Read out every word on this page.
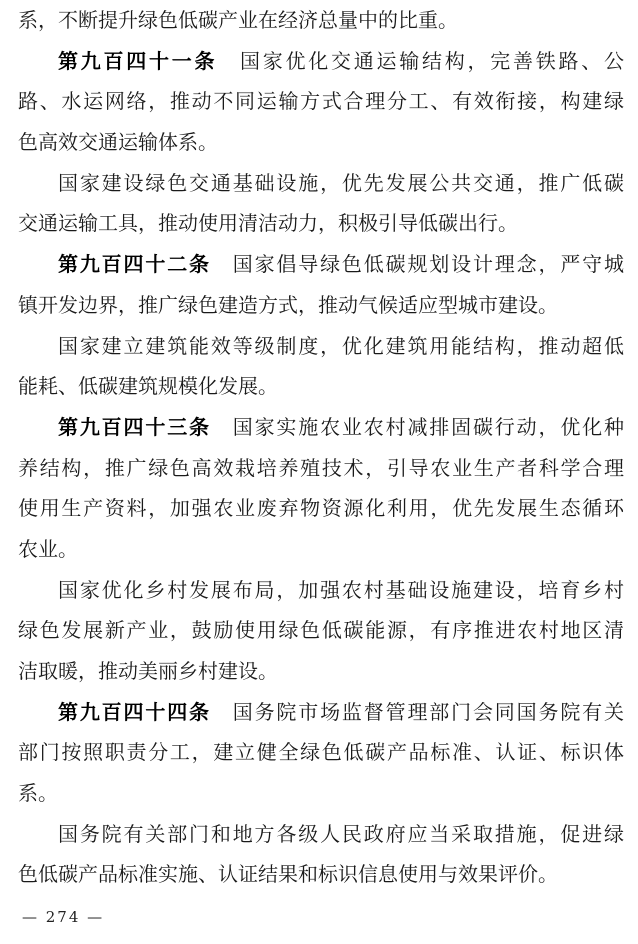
系，不断提升绿色低碳产业在经济总量中的比重。
第九百四十一条　国家优化交通运输结构，完善铁路、公
路、水运网络，推动不同运输方式合理分工、有效衔接，构建绿
色高效交通运输体系。
国家建设绿色交通基础设施，优先发展公共交通，推广低碳
交通运输工具，推动使用清洁动力，积极引导低碳出行。
第九百四十二条　国家倡导绿色低碳规划设计理念，严守城
镇开发边界，推广绿色建造方式，推动气候适应型城市建设。
国家建立建筑能效等级制度，优化建筑用能结构，推动超低
能耗、低碳建筑规模化发展。
第九百四十三条　国家实施农业农村减排固碳行动，优化种
养结构，推广绿色高效栽培养殖技术，引导农业生产者科学合理
使用生产资料，加强农业废弃物资源化利用，优先发展生态循环
农业。
国家优化乡村发展布局，加强农村基础设施建设，培育乡村
绿色发展新产业，鼓励使用绿色低碳能源，有序推进农村地区清
洁取暖，推动美丽乡村建设。
第九百四十四条　国务院市场监督管理部门会同国务院有关
部门按照职责分工，建立健全绿色低碳产品标准、认证、标识体
系。
国务院有关部门和地方各级人民政府应当采取措施，促进绿
色低碳产品标准实施、认证结果和标识信息使用与效果评价。
— 274 —
